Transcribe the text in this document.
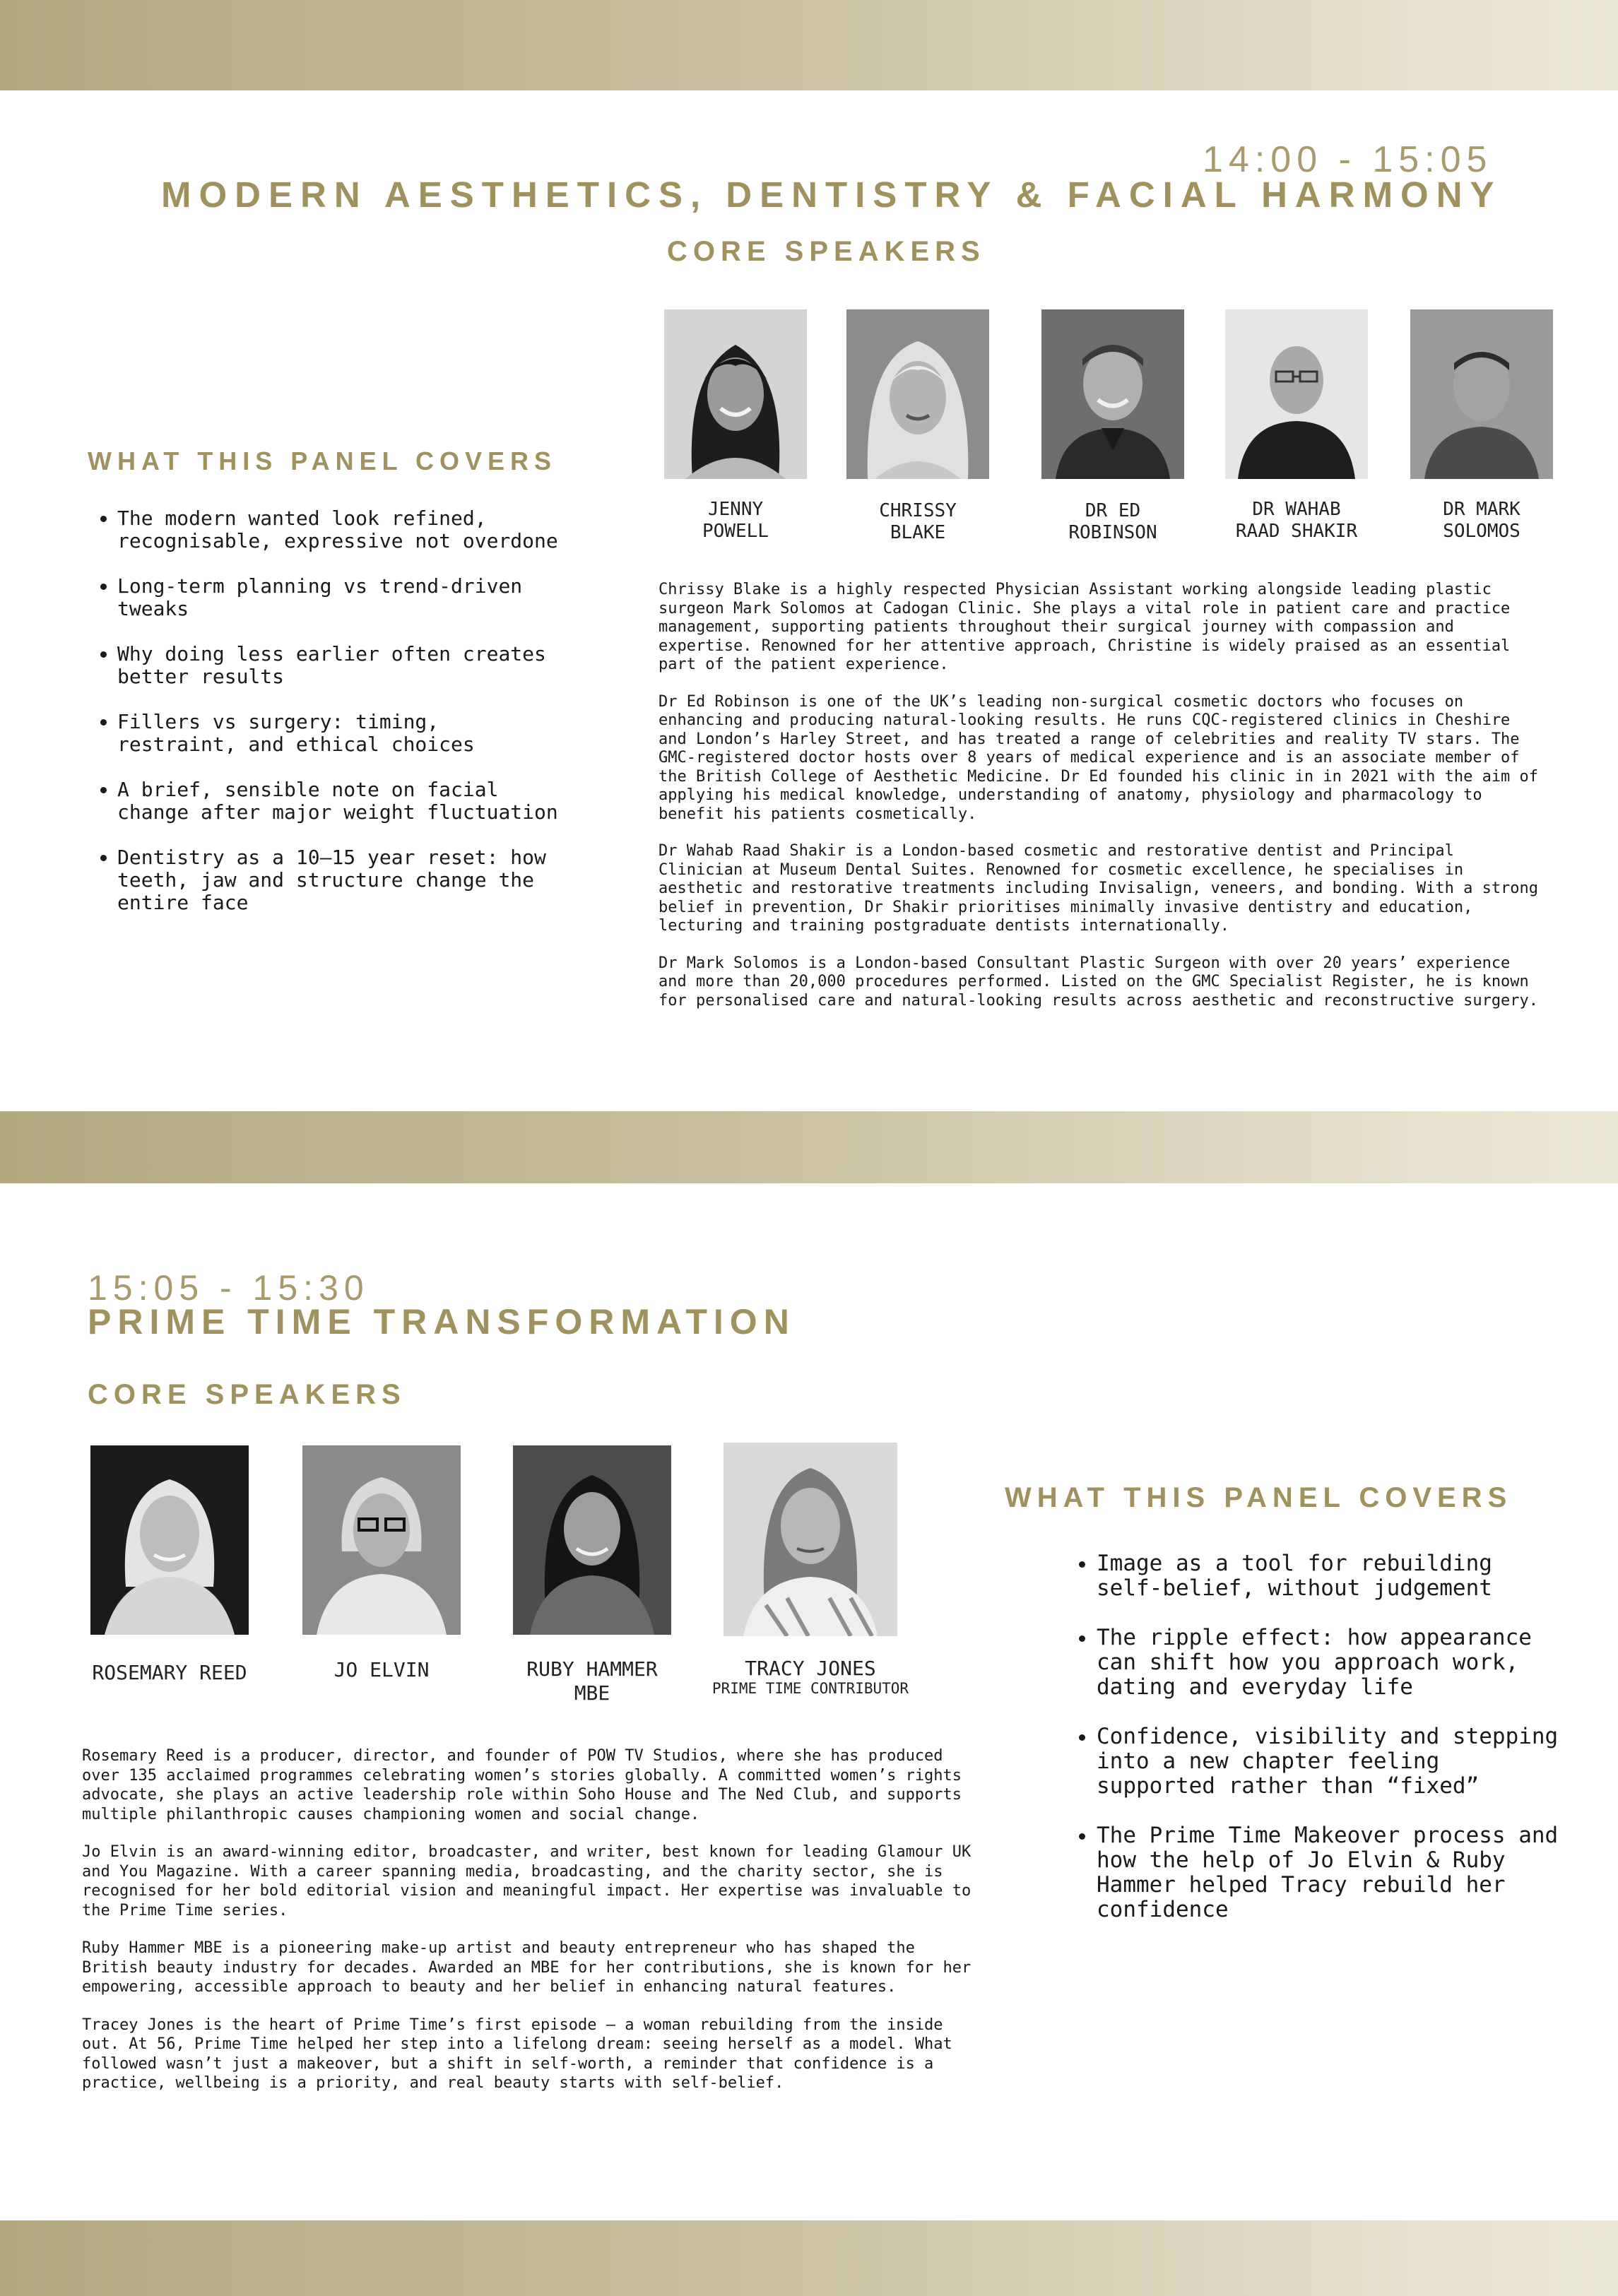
14:00 - 15:05
MODERN AESTHETICS, DENTISTRY & FACIAL HARMONY
CORE SPEAKERS
WHAT THIS PANEL COVERS
• The modern wanted look refined, recognisable, expressive not overdone
• Long-term planning vs trend-driven tweaks
• Why doing less earlier often creates better results
• Fillers vs surgery: timing, restraint, and ethical choices
• A brief, sensible note on facial change after major weight fluctuation
• Dentistry as a 10–15 year reset: how teeth, jaw and structure change the entire face
JENNY
POWELL
CHRISSY
BLAKE
DR ED
ROBINSON
DR WAHAB
RAAD SHAKIR
DR MARK
SOLOMOS

Chrissy Blake is a highly respected Physician Assistant working alongside leading plastic surgeon Mark Solomos at Cadogan Clinic. She plays a vital role in patient care and practice management, supporting patients throughout their surgical journey with compassion and expertise. Renowned for her attentive approach, Christine is widely praised as an essential part of the patient experience.

Dr Ed Robinson is one of the UK’s leading non-surgical cosmetic doctors who focuses on enhancing and producing natural-looking results. He runs CQC-registered clinics in Cheshire and London’s Harley Street, and has treated a range of celebrities and reality TV stars. The GMC-registered doctor hosts over 8 years of medical experience and is an associate member of the British College of Aesthetic Medicine. Dr Ed founded his clinic in in 2021 with the aim of applying his medical knowledge, understanding of anatomy, physiology and pharmacology to benefit his patients cosmetically.

Dr Wahab Raad Shakir is a London-based cosmetic and restorative dentist and Principal Clinician at Museum Dental Suites. Renowned for cosmetic excellence, he specialises in aesthetic and restorative treatments including Invisalign, veneers, and bonding. With a strong belief in prevention, Dr Shakir prioritises minimally invasive dentistry and education, lecturing and training postgraduate dentists internationally.

Dr Mark Solomos is a London-based Consultant Plastic Surgeon with over 20 years’ experience and more than 20,000 procedures performed. Listed on the GMC Specialist Register, he is known for personalised care and natural-looking results across aesthetic and reconstructive surgery.

15:05 - 15:30
PRIME TIME TRANSFORMATION
CORE SPEAKERS
ROSEMARY REED	JO ELVIN	RUBY HAMMER
MBE
TRACY JONES
PRIME TIME CONTRIBUTOR

Rosemary Reed is a producer, director, and founder of POW TV Studios, where she has produced over 135 acclaimed programmes celebrating women’s stories globally. A committed women’s rights advocate, she plays an active leadership role within Soho House and The Ned Club, and supports multiple philanthropic causes championing women and social change.

Jo Elvin is an award-winning editor, broadcaster, and writer, best known for leading Glamour UK and You Magazine. With a career spanning media, broadcasting, and the charity sector, she is recognised for her bold editorial vision and meaningful impact. Her expertise was invaluable to the Prime Time series.

Ruby Hammer MBE is a pioneering make-up artist and beauty entrepreneur who has shaped the British beauty industry for decades. Awarded an MBE for her contributions, she is known for her empowering, accessible approach to beauty and her belief in enhancing natural features.

Tracey Jones is the heart of Prime Time’s first episode — a woman rebuilding from the inside out. At 56, Prime Time helped her step into a lifelong dream: seeing herself as a model. What followed wasn’t just a makeover, but a shift in self-worth, a reminder that confidence is a practice, wellbeing is a priority, and real beauty starts with self-belief.

WHAT THIS PANEL COVERS
• Image as a tool for rebuilding self-belief, without judgement
• The ripple effect: how appearance can shift how you approach work, dating and everyday life
• Confidence, visibility and stepping into a new chapter feeling supported rather than “fixed”
• The Prime Time Makeover process and how the help of Jo Elvin & Ruby Hammer helped Tracy rebuild her confidence
